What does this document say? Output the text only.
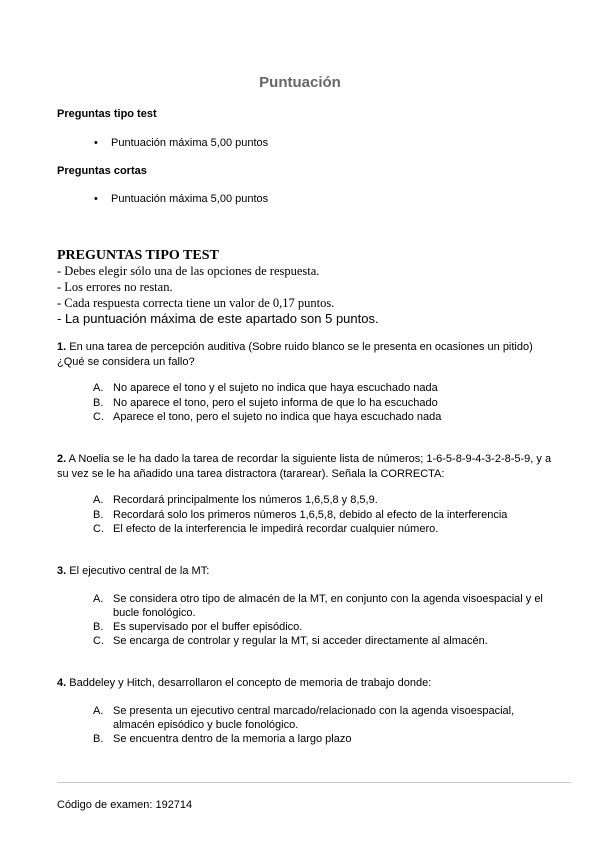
Puntuación
Preguntas tipo test
• Puntuación máxima 5,00 puntos
Preguntas cortas
• Puntuación máxima 5,00 puntos
PREGUNTAS TIPO TEST
- Debes elegir sólo una de las opciones de respuesta.
- Los errores no restan.
- Cada respuesta correcta tiene un valor de 0,17 puntos.
- La puntuación máxima de este apartado son 5 puntos.
1. En una tarea de percepción auditiva (Sobre ruido blanco se le presenta en ocasiones un pitido) ¿Qué se considera un fallo?
A. No aparece el tono y el sujeto no indica que haya escuchado nada
B. No aparece el tono, pero el sujeto informa de que lo ha escuchado
C. Aparece el tono, pero el sujeto no indica que haya escuchado nada
2. A Noelia se le ha dado la tarea de recordar la siguiente lista de números; 1-6-5-8-9-4-3-2-8-5-9, y a su vez se le ha añadido una tarea distractora (tararear). Señala la CORRECTA:
A. Recordará principalmente los números 1,6,5,8 y 8,5,9.
B. Recordará solo los primeros números 1,6,5,8, debido al efecto de la interferencia
C. El efecto de la interferencia le impedirá recordar cualquier número.
3. El ejecutivo central de la MT:
A. Se considera otro tipo de almacén de la MT, en conjunto con la agenda visoespacial y el bucle fonológico.
B. Es supervisado por el buffer episódico.
C. Se encarga de controlar y regular la MT, si acceder directamente al almacén.
4. Baddeley y Hitch, desarrollaron el concepto de memoria de trabajo donde:
A. Se presenta un ejecutivo central marcado/relacionado con la agenda visoespacial, almacén episódico y bucle fonológico.
B. Se encuentra dentro de la memoria a largo plazo
Código de examen: 192714
